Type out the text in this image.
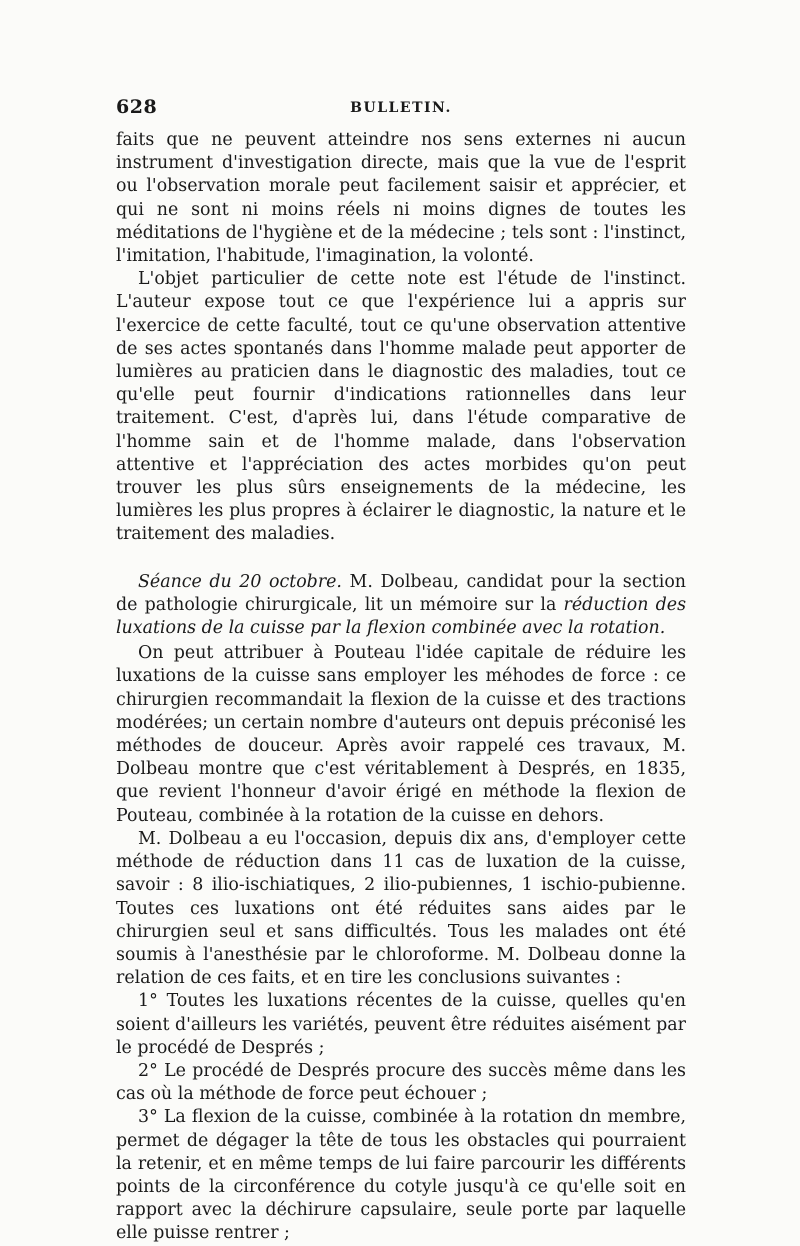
628	BULLETIN.

faits que ne peuvent atteindre nos sens externes ni aucun instrument d'investigation directe, mais que la vue de l'esprit ou l'observation morale peut facilement saisir et apprécier, et qui ne sont ni moins réels ni moins dignes de toutes les méditations de l'hygiène et de la médecine ; tels sont : l'instinct, l'imitation, l'habitude, l'imagination, la volonté.

L'objet particulier de cette note est l'étude de l'instinct. L'auteur expose tout ce que l'expérience lui a appris sur l'exercice de cette faculté, tout ce qu'une observation attentive de ses actes spontanés dans l'homme malade peut apporter de lumières au praticien dans le diagnostic des maladies, tout ce qu'elle peut fournir d'indications rationnelles dans leur traitement. C'est, d'après lui, dans l'étude comparative de l'homme sain et de l'homme malade, dans l'observation attentive et l'appréciation des actes morbides qu'on peut trouver les plus sûrs enseignements de la médecine, les lumières les plus propres à éclairer le diagnostic, la nature et le traitement des maladies.

Séance du 20 octobre. M. Dolbeau, candidat pour la section de pathologie chirurgicale, lit un mémoire sur la réduction des luxations de la cuisse par la flexion combinée avec la rotation.

On peut attribuer à Pouteau l'idée capitale de réduire les luxations de la cuisse sans employer les méhodes de force : ce chirurgien recommandait la flexion de la cuisse et des tractions modérées; un certain nombre d'auteurs ont depuis préconisé les méthodes de douceur. Après avoir rappelé ces travaux, M. Dolbeau montre que c'est véritablement à Després, en 1835, que revient l'honneur d'avoir érigé en méthode la flexion de Pouteau, combinée à la rotation de la cuisse en dehors.

M. Dolbeau a eu l'occasion, depuis dix ans, d'employer cette méthode de réduction dans 11 cas de luxation de la cuisse, savoir : 8 ilio-ischiatiques, 2 ilio-pubiennes, 1 ischio-pubienne. Toutes ces luxations ont été réduites sans aides par le chirurgien seul et sans difficultés. Tous les malades ont été soumis à l'anesthésie par le chloroforme. M. Dolbeau donne la relation de ces faits, et en tire les conclusions suivantes :

1° Toutes les luxations récentes de la cuisse, quelles qu'en soient d'ailleurs les variétés, peuvent être réduites aisément par le procédé de Després ;

2° Le procédé de Després procure des succès même dans les cas où la méthode de force peut échouer ;

3° La flexion de la cuisse, combinée à la rotation dn membre, permet de dégager la tête de tous les obstacles qui pourraient la retenir, et en même temps de lui faire parcourir les différents points de la circonférence du cotyle jusqu'à ce qu'elle soit en rapport avec la déchirure capsulaire, seule porte par laquelle elle puisse rentrer ;
